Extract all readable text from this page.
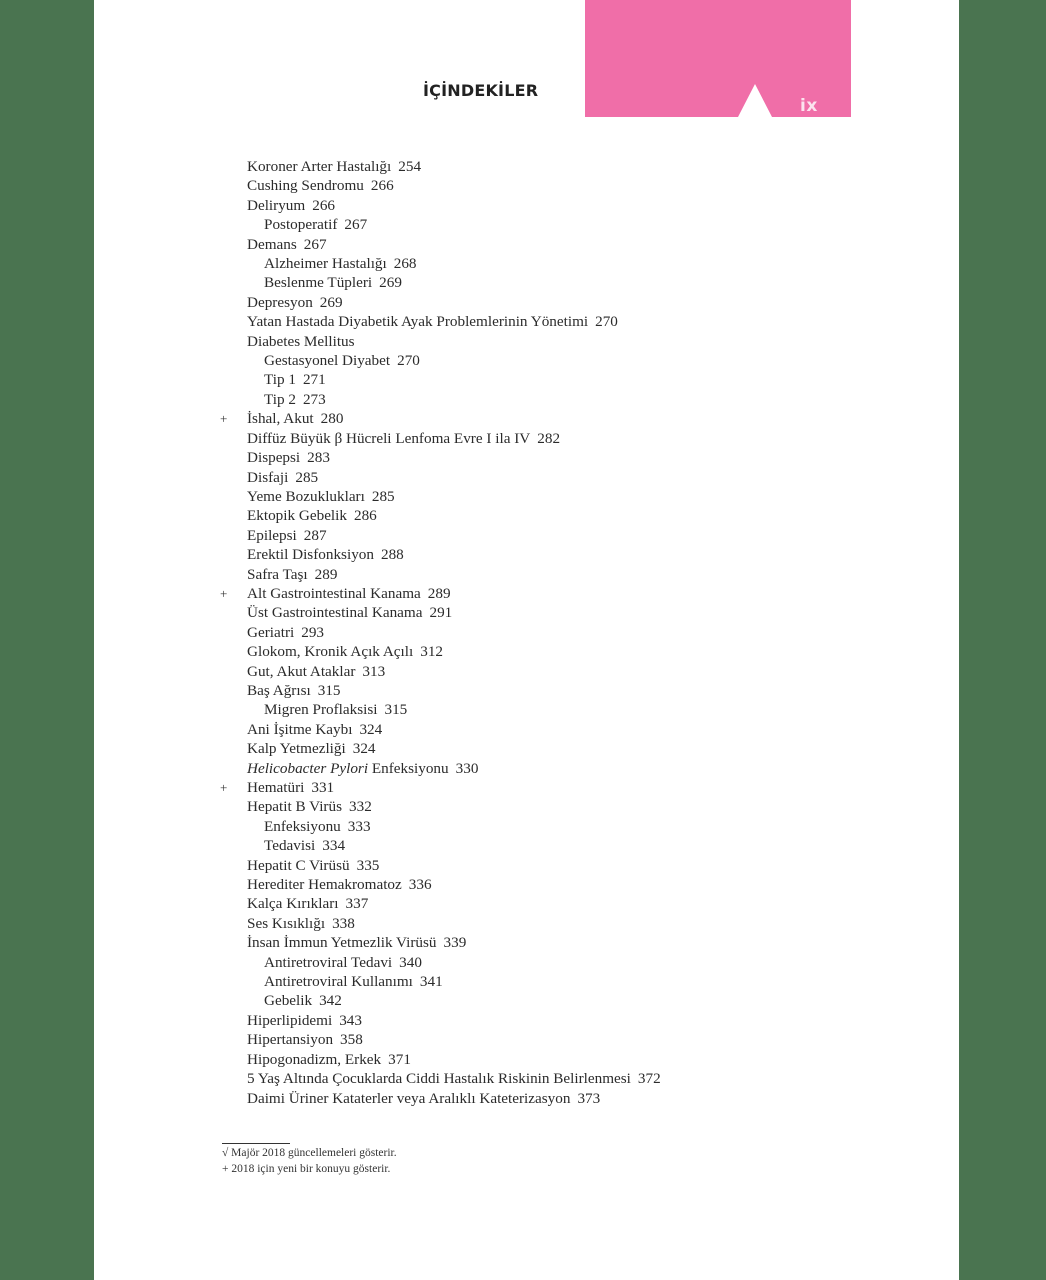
İÇİNDEKİLER
ix
Koroner Arter Hastalığı 254
Cushing Sendromu 266
Deliryum 266
Postoperatif 267
Demans 267
Alzheimer Hastalığı 268
Beslenme Tüpleri 269
Depresyon 269
Yatan Hastada Diyabetik Ayak Problemlerinin Yönetimi 270
Diabetes Mellitus
Gestasyonel Diyabet 270
Tip 1 271
Tip 2 273
+ İshal, Akut 280
Diffüz Büyük β Hücreli Lenfoma Evre I ila IV 282
Dispepsi 283
Disfaji 285
Yeme Bozuklukları 285
Ektopik Gebelik 286
Epilepsi 287
Erektil Disfonksiyon 288
Safra Taşı 289
+ Alt Gastrointestinal Kanama 289
Üst Gastrointestinal Kanama 291
Geriatri 293
Glokom, Kronik Açık Açılı 312
Gut, Akut Ataklar 313
Baş Ağrısı 315
Migren Proflaksisi 315
Ani İşitme Kaybı 324
Kalp Yetmezliği 324
Helicobacter Pylori Enfeksiyonu 330
+ Hematüri 331
Hepatit B Virüs 332
Enfeksiyonu 333
Tedavisi 334
Hepatit C Virüsü 335
Herediter Hemakromatoz 336
Kalça Kırıkları 337
Ses Kısıklığı 338
İnsan İmmun Yetmezlik Virüsü 339
Antiretroviral Tedavi 340
Antiretroviral Kullanımı 341
Gebelik 342
Hiperlipidemi 343
Hipertansiyon 358
Hipogonadizm, Erkek 371
5 Yaş Altında Çocuklarda Ciddi Hastalık Riskinin Belirlenmesi 372
Daimi Üriner Kataterler veya Aralıklı Kateterizasyon 373
√ Majör 2018 güncellemeleri gösterir.
+ 2018 için yeni bir konuyu gösterir.
